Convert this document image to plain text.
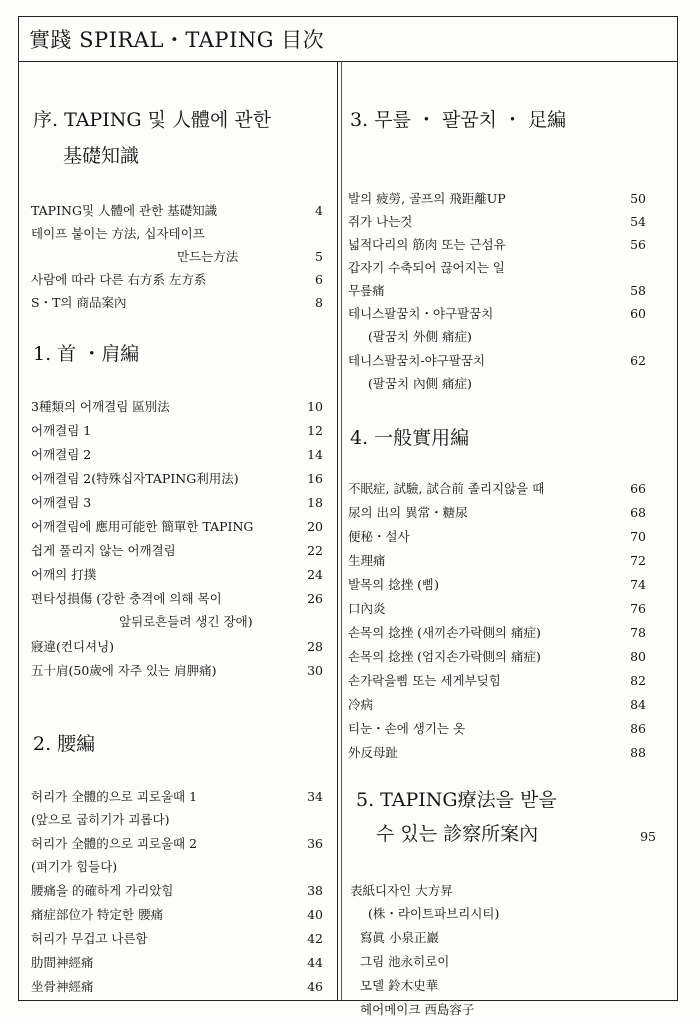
實踐 SPIRAL・TAPING 目次
序. TAPING 및 人體에 관한
基礎知識
TAPING및 人體에 관한 基礎知識	4
테이프 붙이는 方法, 십자테이프
만드는方法	5
사람에 따라 다른 右方系 左方系	6
S・T의 商品案內	8
1. 首 ・肩編
3種類의 어깨결림 區別法	10
어깨결림 1	12
어깨결림 2	14
어깨결림 2(特殊십자TAPING利用法)	16
어깨결림 3	18
어깨결림에 應用可能한 簡單한 TAPING	20
쉽게 풀리지 않는 어깨결림	22
어깨의 打撲	24
편타성損傷 (강한 충격에 의해 목이	26
앞뒤로흔들려 생긴 장애)
寢違(컨디셔닝)	28
五十肩(50歲에 자주 있는 肩胛痛)	30
2. 腰編
허리가 全體的으로 괴로울때 1	34
(앞으로 굽히기가 괴롭다)
허리가 全體的으로 괴로울때 2	36
(펴기가 힘들다)
腰痛을 的確하게 가리았힘	38
痛症部位가 特定한 腰痛	40
허리가 무겁고 나른함	42
肋間神經痛	44
坐骨神經痛	46
3. 무릎 ・ 팔꿈치 ・ 足編
발의 疲勞, 골프의 飛距離UP	50
쥐가 나는것	54
넓적다리의 筋肉 또는 근섬유	56
갑자기 수축되어 끊어지는 일
무릎痛	58
테니스팔꿈치・야구팔꿈치	60
(팔꿈치 外側 痛症)
테니스팔꿈치-야구팔꿈치	62
(팔꿈치 內側 痛症)
4. 一般實用編
不眠症, 試驗, 試合前 졸리지않을 때	66
尿의 出의 異常・糖尿	68
便秘・설사	70
生理痛	72
발목의 捻挫 (삠)	74
口內炎	76
손목의 捻挫 (새끼손가락側의 痛症)	78
손목의 捻挫 (엄지손가락側의 痛症)	80
손가락을삠 또는 세게부딪힘	82
冷病	84
티눈・손에 생기는 옷	86
外反母趾	88
5. TAPING療法을 받을
수 있는 診察所案內	95
表紙디자인 大方昇
(株・라이트파브리시티)
寫眞 小泉正巖
그림 池永히로이
모델 鈴木史華
헤어메이크 西島容子
